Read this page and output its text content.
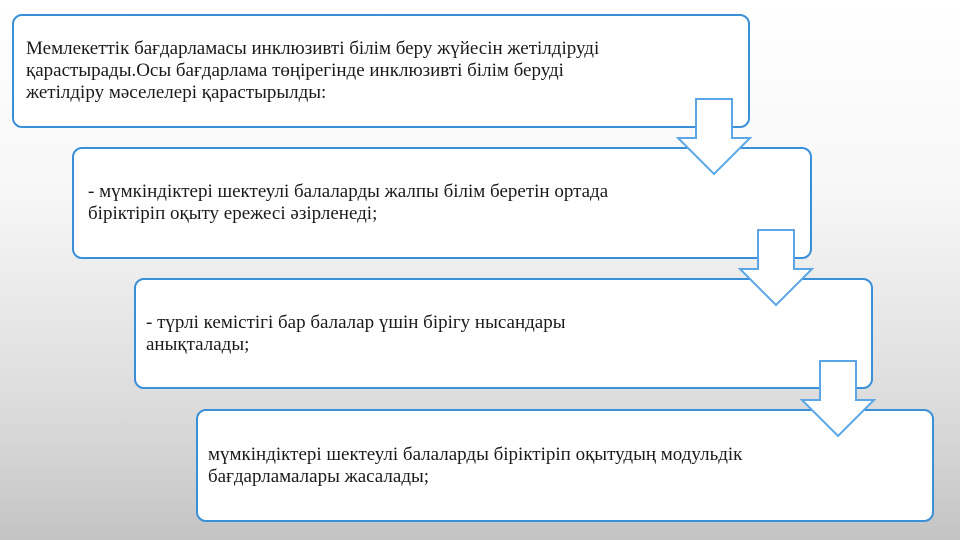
Мемлекеттік бағдарламасы инклюзивті білім беру жүйесін жетілдіруді қарастырады.Осы бағдарлама төңірегінде инклюзивті білім беруді жетілдіру мәселелері қарастырылды:
- мүмкіндіктері шектеулі балаларды жалпы білім беретін ортада біріктіріп оқыту ережесі әзірленеді;
- түрлі кемістігі бар балалар үшін бірігу нысандары анықталады;
мүмкіндіктері шектеулі балаларды біріктіріп оқытудың модульдік бағдарламалары жасалады;
